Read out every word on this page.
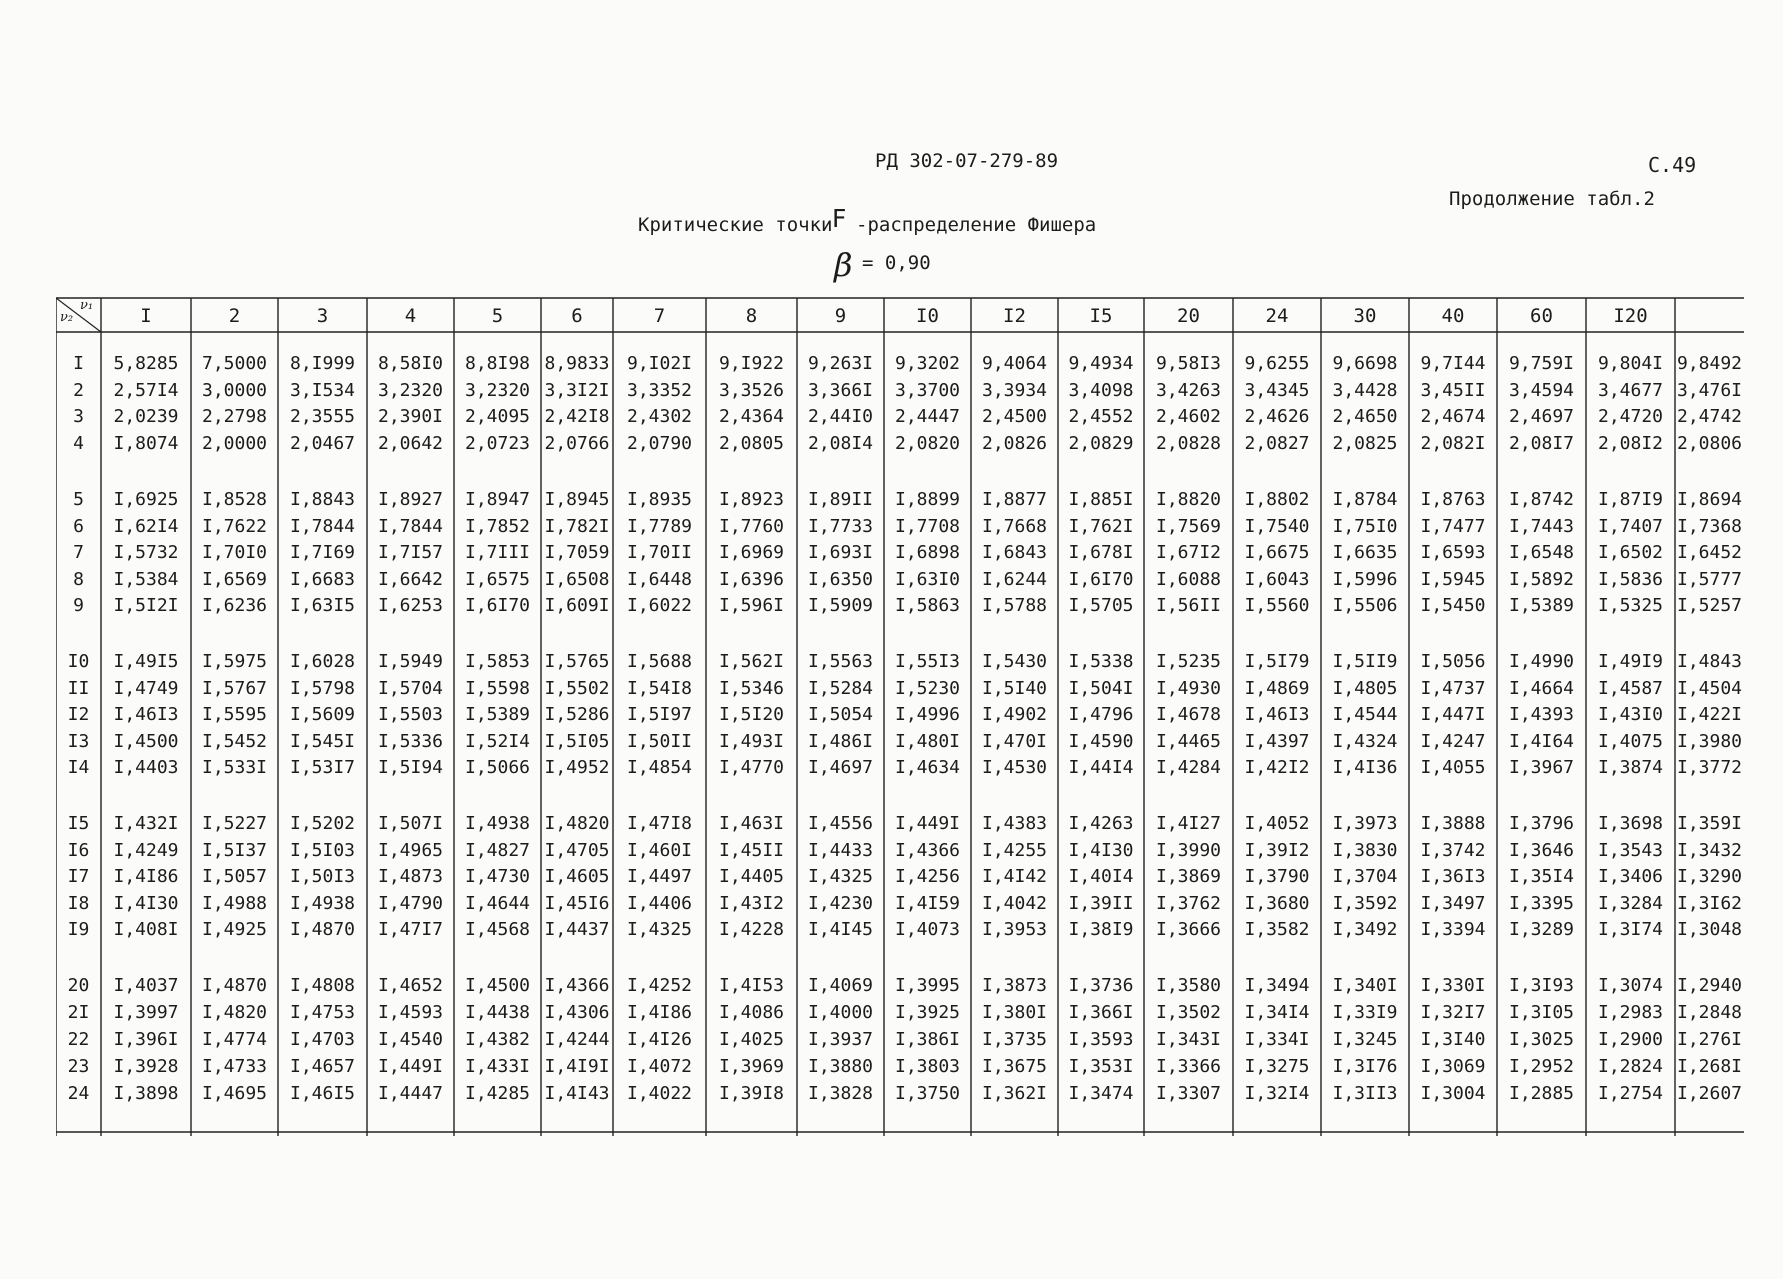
РД 302-07-279-89	С.49
Продолжение табл.2
Критические точки F -распределение Фишера
β = 0,90
ν₂
ν₁	I	2	3	4	5	6	7	8	9	I0	I2	I5	20	24	30	40	60	I20
I	5,8285	7,5000	8,I999	8,58I0	8,8I98 8,9833 9,I02I	9,I922	9,263I	9,3202	9,4064	9,4934	9,58I3	9,6255	9,6698	9,7I44	9,759I	9,804I 9,8492
2	2,57I4	3,0000	3,I534	3,2320	3,2320 3,3I2I 3,3352	3,3526	3,366I	3,3700	3,3934	3,4098	3,4263	3,4345	3,4428	3,45II	3,4594	3,4677 3,476I
3	2,0239	2,2798	2,3555	2,390I	2,4095 2,42I8 2,4302	2,4364	2,44I0	2,4447	2,4500	2,4552	2,4602	2,4626	2,4650	2,4674	2,4697	2,4720 2,4742
4	I,8074	2,0000	2,0467	2,0642	2,0723 2,0766 2,0790	2,0805	2,08I4	2,0820	2,0826	2,0829	2,0828	2,0827	2,0825	2,082I	2,08I7	2,08I2 2,0806
5	I,6925	I,8528	I,8843	I,8927	I,8947 I,8945 I,8935	I,8923	I,89II	I,8899	I,8877	I,885I	I,8820	I,8802	I,8784	I,8763	I,8742	I,87I9 I,8694
6	I,62I4	I,7622	I,7844	I,7844	I,7852 I,782I I,7789	I,7760	I,7733	I,7708	I,7668	I,762I	I,7569	I,7540	I,75I0	I,7477	I,7443	I,7407 I,7368
7	I,5732	I,70I0	I,7I69	I,7I57	I,7III I,7059 I,70II	I,6969	I,693I	I,6898	I,6843	I,678I	I,67I2	I,6675	I,6635	I,6593	I,6548	I,6502 I,6452
8	I,5384	I,6569	I,6683	I,6642	I,6575 I,6508 I,6448	I,6396	I,6350	I,63I0	I,6244	I,6I70	I,6088	I,6043	I,5996	I,5945	I,5892	I,5836 I,5777
9	I,5I2I	I,6236	I,63I5	I,6253	I,6I70 I,609I I,6022	I,596I	I,5909	I,5863	I,5788	I,5705	I,56II	I,5560	I,5506	I,5450	I,5389	I,5325 I,5257
I0	I,49I5	I,5975	I,6028	I,5949	I,5853 I,5765 I,5688	I,562I	I,5563	I,55I3	I,5430	I,5338	I,5235	I,5I79	I,5II9	I,5056	I,4990	I,49I9 I,4843
II	I,4749	I,5767	I,5798	I,5704	I,5598 I,5502 I,54I8	I,5346	I,5284	I,5230	I,5I40	I,504I	I,4930	I,4869	I,4805	I,4737	I,4664	I,4587 I,4504
I2	I,46I3	I,5595	I,5609	I,5503	I,5389 I,5286 I,5I97	I,5I20	I,5054	I,4996	I,4902	I,4796	I,4678	I,46I3	I,4544	I,447I	I,4393	I,43I0 I,422I
I3	I,4500	I,5452	I,545I	I,5336	I,52I4 I,5I05 I,50II	I,493I	I,486I	I,480I	I,470I	I,4590	I,4465	I,4397	I,4324	I,4247	I,4I64	I,4075 I,3980
I4	I,4403	I,533I	I,53I7	I,5I94	I,5066 I,4952 I,4854	I,4770	I,4697	I,4634	I,4530	I,44I4	I,4284	I,42I2	I,4I36	I,4055	I,3967	I,3874 I,3772
I5	I,432I	I,5227	I,5202	I,507I	I,4938 I,4820 I,47I8	I,463I	I,4556	I,449I	I,4383	I,4263	I,4I27	I,4052	I,3973	I,3888	I,3796	I,3698 I,359I
I6	I,4249	I,5I37	I,5I03	I,4965	I,4827 I,4705 I,460I	I,45II	I,4433	I,4366	I,4255	I,4I30	I,3990	I,39I2	I,3830	I,3742	I,3646	I,3543 I,3432
I7	I,4I86	I,5057	I,50I3	I,4873	I,4730 I,4605 I,4497	I,4405	I,4325	I,4256	I,4I42	I,40I4	I,3869	I,3790	I,3704	I,36I3	I,35I4	I,3406 I,3290
I8	I,4I30	I,4988	I,4938	I,4790	I,4644 I,45I6 I,4406	I,43I2	I,4230	I,4I59	I,4042	I,39II	I,3762	I,3680	I,3592	I,3497	I,3395	I,3284 I,3I62
I9	I,408I	I,4925	I,4870	I,47I7	I,4568 I,4437 I,4325	I,4228	I,4I45	I,4073	I,3953	I,38I9	I,3666	I,3582	I,3492	I,3394	I,3289	I,3I74 I,3048
20	I,4037	I,4870	I,4808	I,4652	I,4500 I,4366 I,4252	I,4I53	I,4069	I,3995	I,3873	I,3736	I,3580	I,3494	I,340I	I,330I	I,3I93	I,3074 I,2940
2I	I,3997	I,4820	I,4753	I,4593	I,4438 I,4306 I,4I86	I,4086	I,4000	I,3925	I,380I	I,366I	I,3502	I,34I4	I,33I9	I,32I7	I,3I05	I,2983 I,2848
22	I,396I	I,4774	I,4703	I,4540	I,4382 I,4244 I,4I26	I,4025	I,3937	I,386I	I,3735	I,3593	I,343I	I,334I	I,3245	I,3I40	I,3025	I,2900 I,276I
23	I,3928	I,4733	I,4657	I,449I	I,433I I,4I9I I,4072	I,3969	I,3880	I,3803	I,3675	I,353I	I,3366	I,3275	I,3I76	I,3069	I,2952	I,2824 I,268I
24	I,3898	I,4695	I,46I5	I,4447	I,4285 I,4I43 I,4022	I,39I8	I,3828	I,3750	I,362I	I,3474	I,3307	I,32I4	I,3II3	I,3004	I,2885	I,2754 I,2607
